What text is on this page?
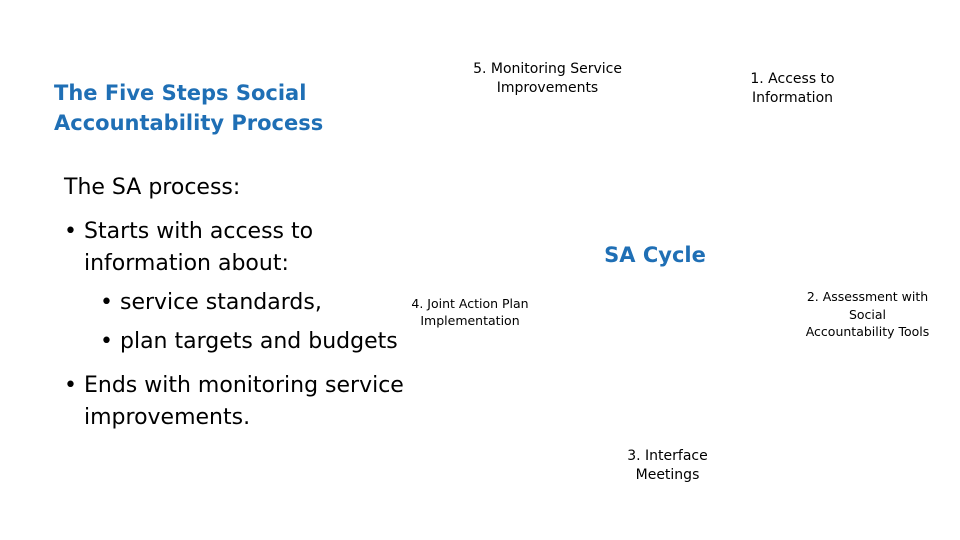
The Five Steps Social Accountability Process
The SA process:
• Starts with access to information about:
• service standards,
• plan targets and budgets
• Ends with monitoring service improvements.
5. Monitoring Service Improvements
1. Access to Information
2. Assessment with Social Accountability Tools
3. Interface Meetings
4. Joint Action Plan Implementation
SA Cycle
